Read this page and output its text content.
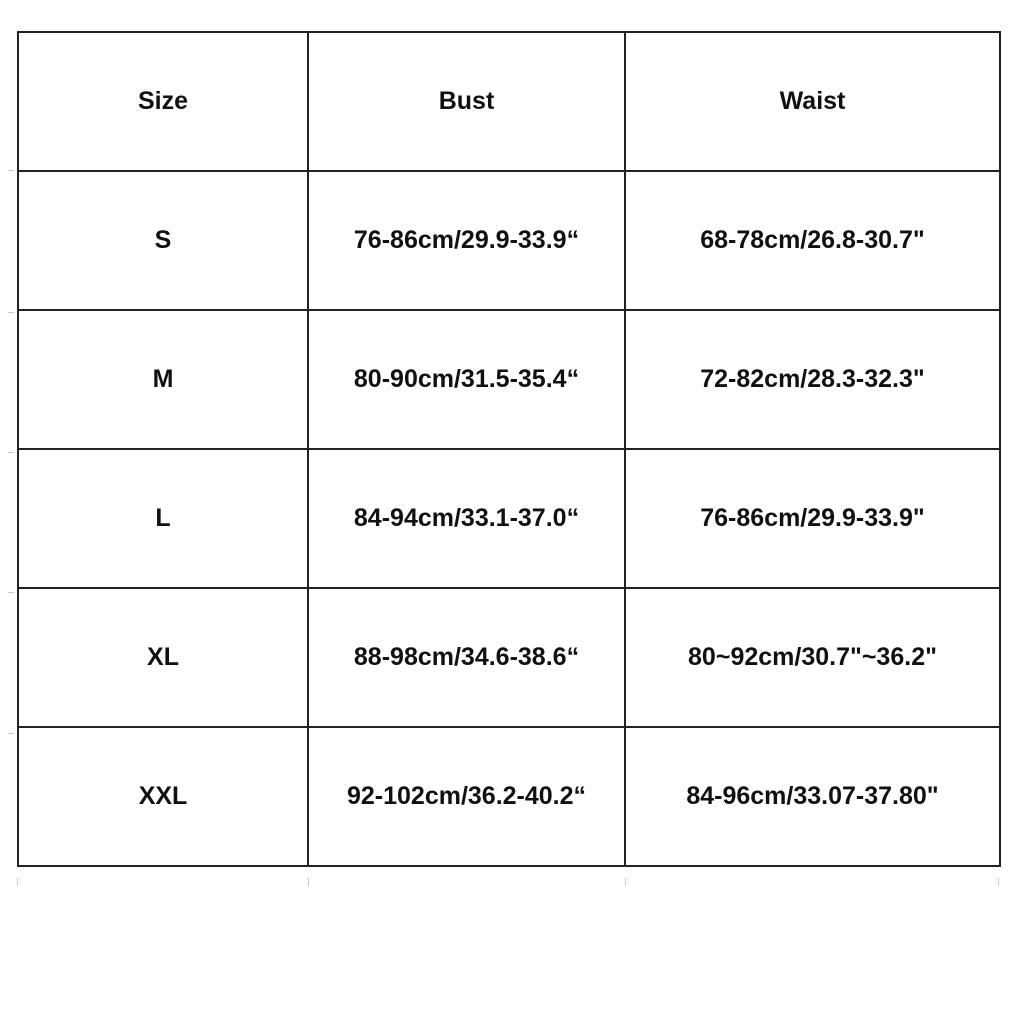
Size	Bust	Waist
S	76-86cm/29.9-33.9“	68-78cm/26.8-30.7"
M	80-90cm/31.5-35.4“	72-82cm/28.3-32.3"
L	84-94cm/33.1-37.0“	76-86cm/29.9-33.9"
XL	88-98cm/34.6-38.6“	80~92cm/30.7"~36.2"
XXL	92-102cm/36.2-40.2“	84-96cm/33.07-37.80"
